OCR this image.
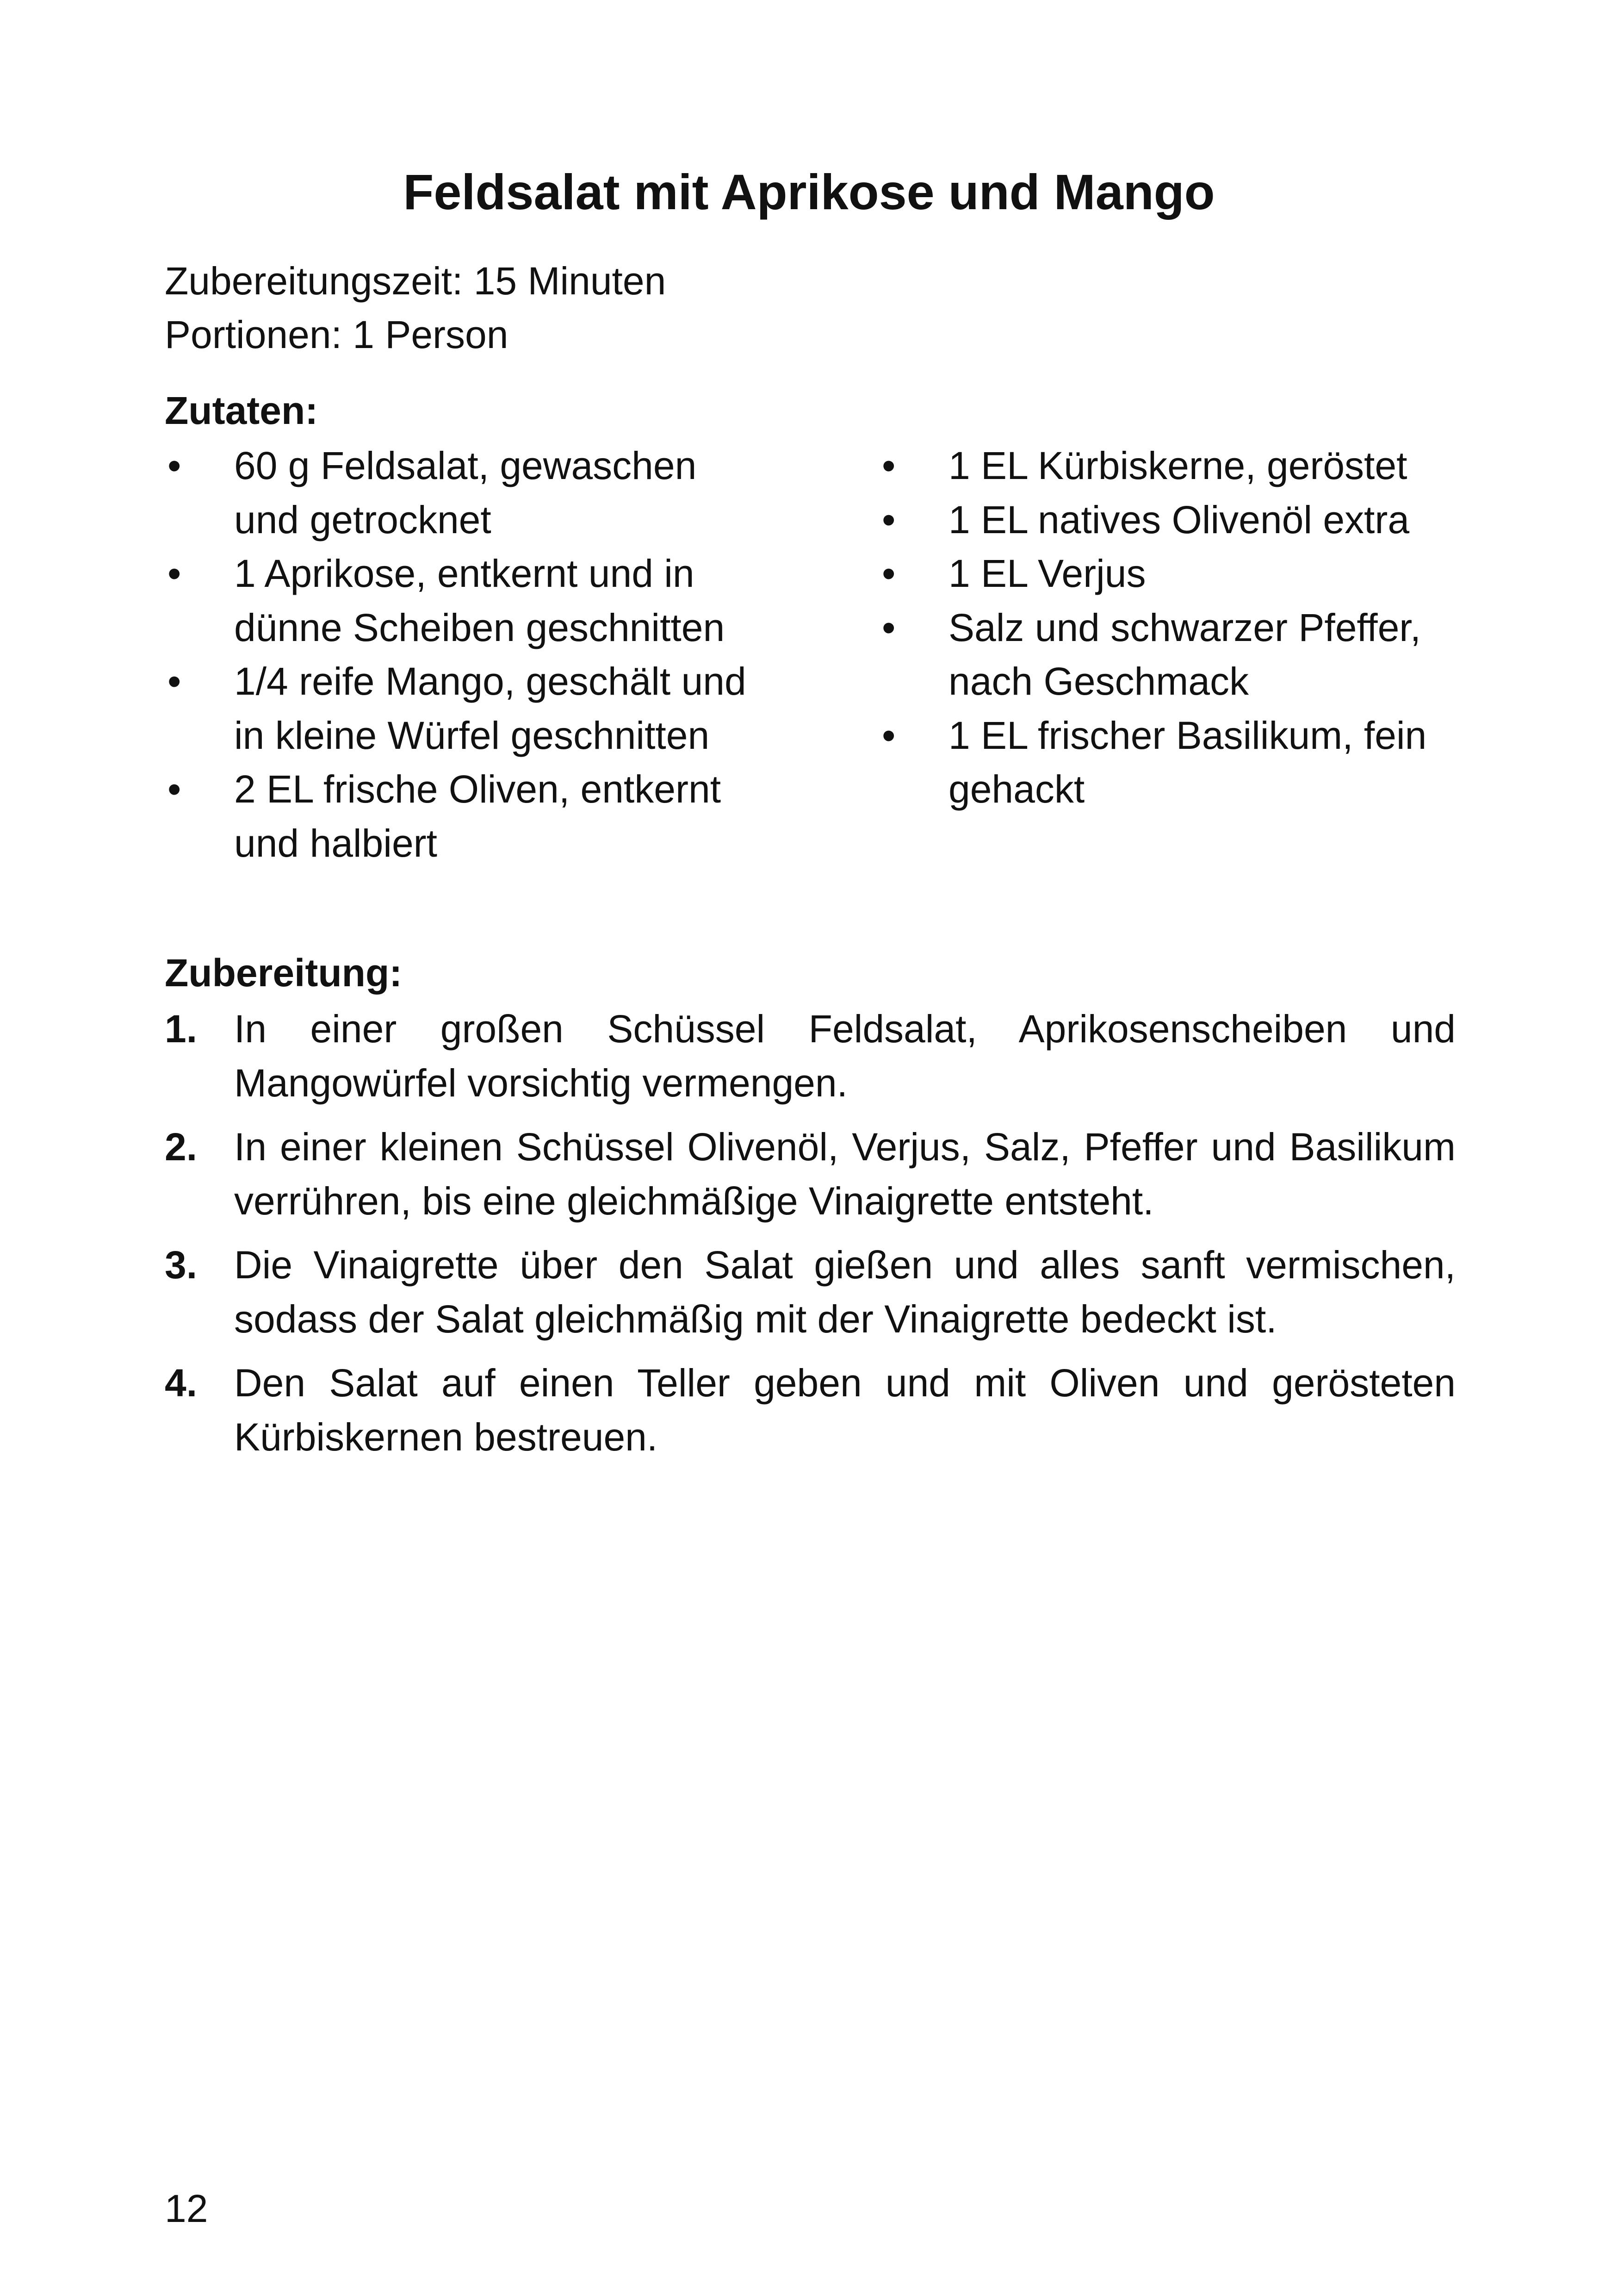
Feldsalat mit Aprikose und Mango

Zubereitungszeit: 15 Minuten

Portionen: 1 Person

Zutaten:
• 60 g Feldsalat, gewaschen und getrocknet
• 1 Aprikose, entkernt und in dünne Scheiben geschnitten
• 1/4 reife Mango, geschält und in kleine Würfel geschnitten
• 2 EL frische Oliven, entkernt und halbiert
• 1 EL Kürbiskerne, geröstet
• 1 EL natives Olivenöl extra
• 1 EL Verjus
• Salz und schwarzer Pfeffer, nach Geschmack
• 1 EL frischer Basilikum, fein gehackt
Zubereitung:
1. In einer großen Schüssel Feldsalat, Aprikosenscheiben und Mangowürfel vorsichtig vermengen.
2. In einer kleinen Schüssel Olivenöl, Verjus, Salz, Pfeffer und Basilikum verrühren, bis eine gleichmäßige Vinaigrette entsteht.
3. Die Vinaigrette über den Salat gießen und alles sanft vermischen, sodass der Salat gleichmäßig mit der Vinaigrette bedeckt ist.
4. Den Salat auf einen Teller geben und mit Oliven und gerösteten Kürbiskernen bestreuen.

12
